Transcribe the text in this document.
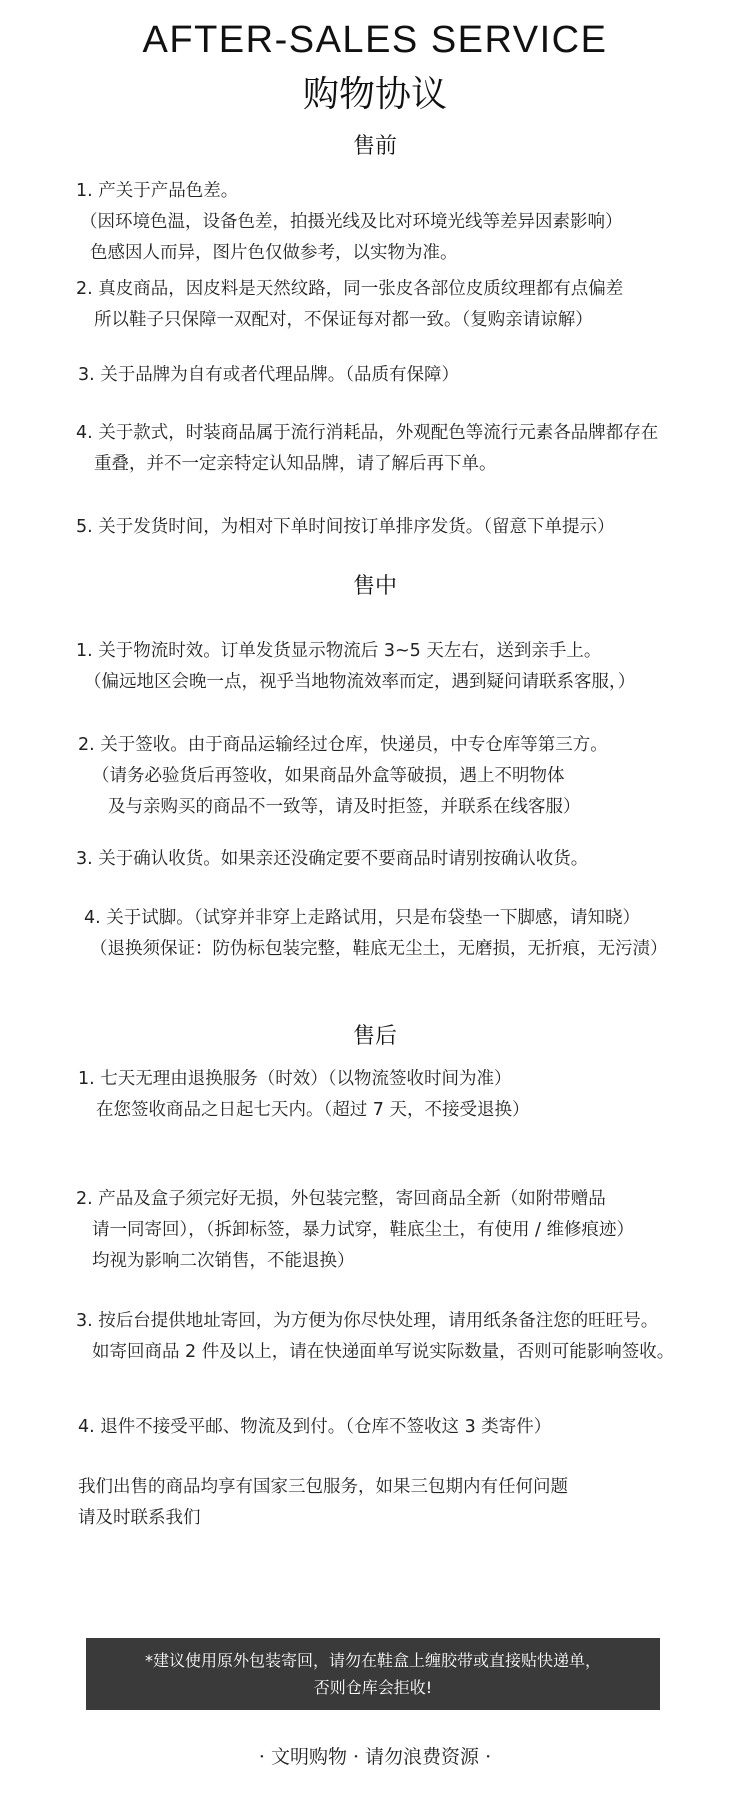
AFTER-SALES SERVICE
购物协议
售前
1. 产关于产品色差。
（因环境色温，设备色差，拍摄光线及比对环境光线等差异因素影响）
色感因人而异，图片色仅做参考，以实物为准。
2. 真皮商品，因皮料是天然纹路，同一张皮各部位皮质纹理都有点偏差
所以鞋子只保障一双配对，不保证每对都一致。（复购亲请谅解）
3. 关于品牌为自有或者代理品牌。（品质有保障）
4. 关于款式，时装商品属于流行消耗品，外观配色等流行元素各品牌都存在
重叠，并不一定亲特定认知品牌，请了解后再下单。
5. 关于发货时间，为相对下单时间按订单排序发货。（留意下单提示）
售中
1. 关于物流时效。订单发货显示物流后 3~5 天左右，送到亲手上。
（偏远地区会晚一点，视乎当地物流效率而定，遇到疑问请联系客服，）
2. 关于签收。由于商品运输经过仓库，快递员，中专仓库等第三方。
（请务必验货后再签收，如果商品外盒等破损，遇上不明物体
及与亲购买的商品不一致等，请及时拒签，并联系在线客服）
3. 关于确认收货。如果亲还没确定要不要商品时请别按确认收货。
4. 关于试脚。（试穿并非穿上走路试用，只是布袋垫一下脚感，请知晓）
（退换须保证：防伪标包装完整，鞋底无尘土，无磨损，无折痕，无污渍）
售后
1. 七天无理由退换服务（时效）（以物流签收时间为准）
在您签收商品之日起七天内。（超过 7 天，不接受退换）
2. 产品及盒子须完好无损，外包装完整，寄回商品全新（如附带赠品
请一同寄回），（拆卸标签，暴力试穿，鞋底尘土，有使用 / 维修痕迹）
均视为影响二次销售，不能退换）
3. 按后台提供地址寄回，为方便为你尽快处理，请用纸条备注您的旺旺号。
如寄回商品 2 件及以上，请在快递面单写说实际数量，否则可能影响签收。
4. 退件不接受平邮、物流及到付。（仓库不签收这 3 类寄件）
我们出售的商品均享有国家三包服务，如果三包期内有任何问题
请及时联系我们
*建议使用原外包装寄回，请勿在鞋盒上缠胶带或直接贴快递单，
否则仓库会拒收!
· 文明购物 · 请勿浪费资源 ·
